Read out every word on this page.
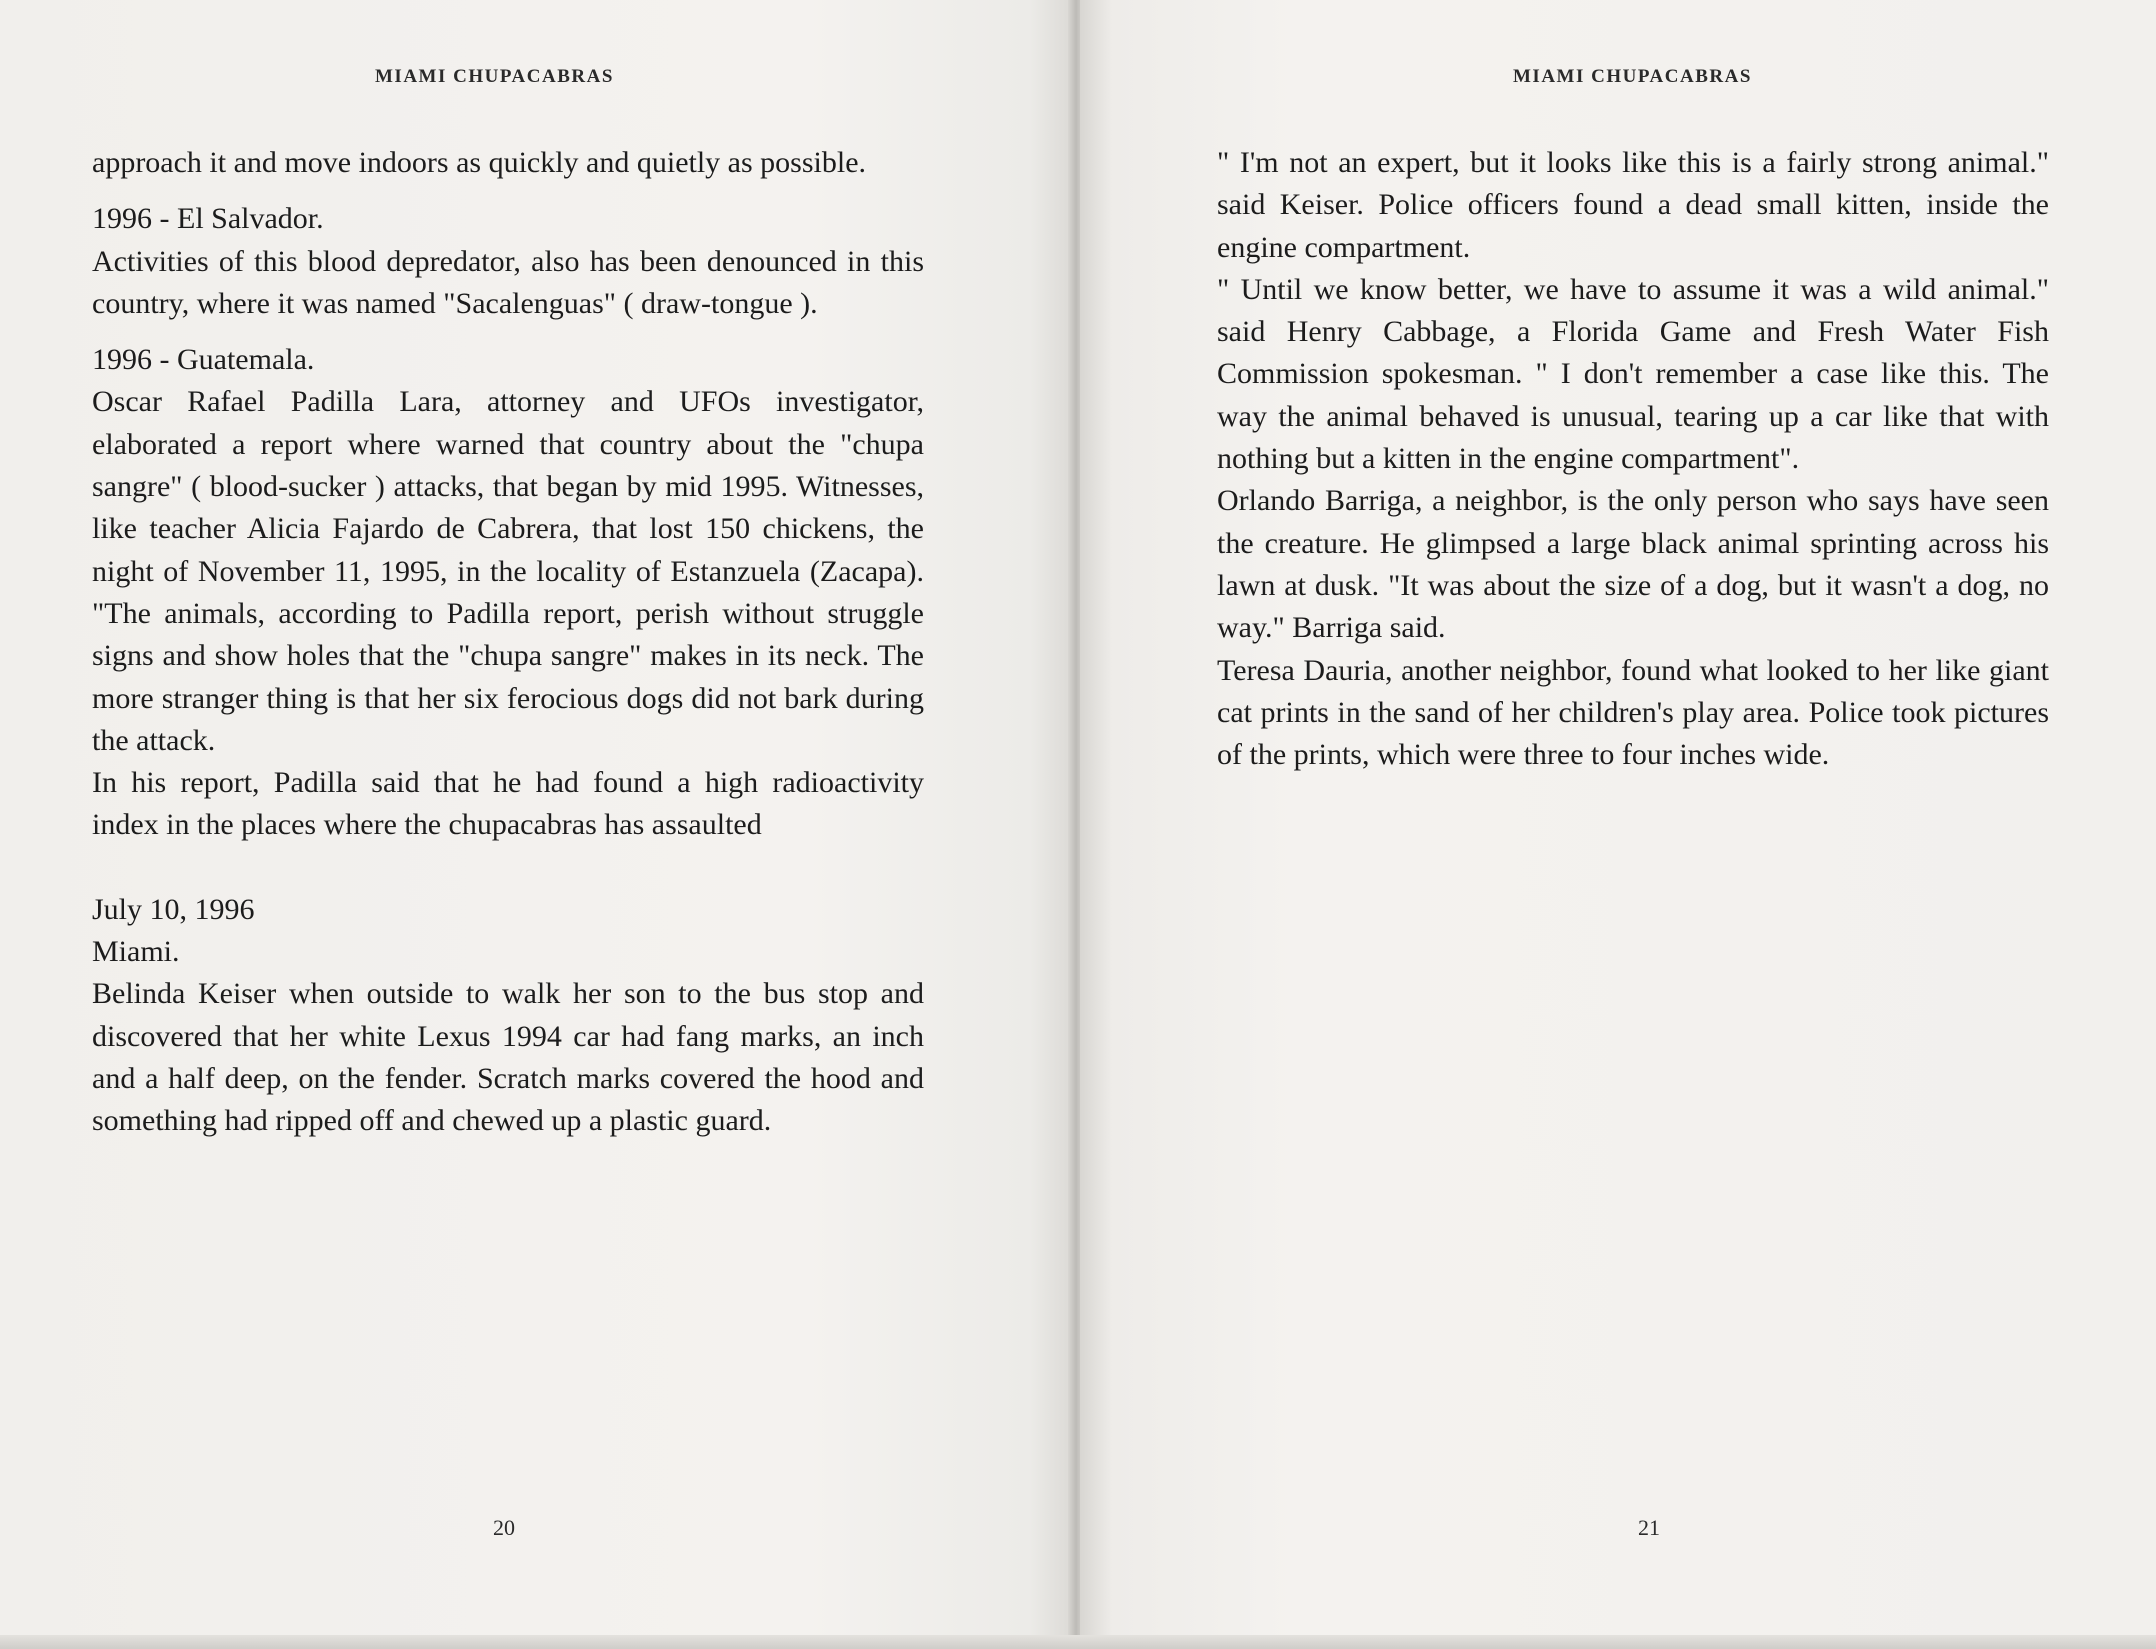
MIAMI CHUPACABRAS

approach it and move indoors as quickly and quietly as possible.

1996 - El Salvador.

Activities of this blood depredator, also has been denounced in this country, where it was named "Sacalenguas" ( draw-tongue ).

1996 - Guatemala.

Oscar Rafael Padilla Lara, attorney and UFOs investigator, elaborated a report where warned that country about the "chupa sangre" ( blood-sucker ) attacks, that began by mid 1995. Witnesses, like teacher Alicia Fajardo de Cabrera, that lost 150 chickens, the night of November 11, 1995, in the locality of Estanzuela (Zacapa). "The animals, according to Padilla report, perish without struggle signs and show holes that the "chupa sangre" makes in its neck. The more stranger thing is that her six ferocious dogs did not bark during the attack.

In his report, Padilla said that he had found a high radioactivity index in the places where the chupacabras has assaulted

July 10, 1996

Miami.

Belinda Keiser when outside to walk her son to the bus stop and discovered that her white Lexus 1994 car had fang marks, an inch and a half deep, on the fender. Scratch marks covered the hood and something had ripped off and chewed up a plastic guard.

20
MIAMI CHUPACABRAS

" I'm not an expert, but it looks like this is a fairly strong animal." said Keiser. Police officers found a dead small kitten, inside the engine compartment.

" Until we know better, we have to assume it was a wild animal." said Henry Cabbage, a Florida Game and Fresh Water Fish Commission spokesman. " I don't remember a case like this. The way the animal behaved is unusual, tearing up a car like that with nothing but a kitten in the engine compartment".

Orlando Barriga, a neighbor, is the only person who says have seen the creature. He glimpsed a large black animal sprinting across his lawn at dusk. "It was about the size of a dog, but it wasn't a dog, no way." Barriga said.

Teresa Dauria, another neighbor, found what looked to her like giant cat prints in the sand of her children's play area. Police took pictures of the prints, which were three to four inches wide.

21
